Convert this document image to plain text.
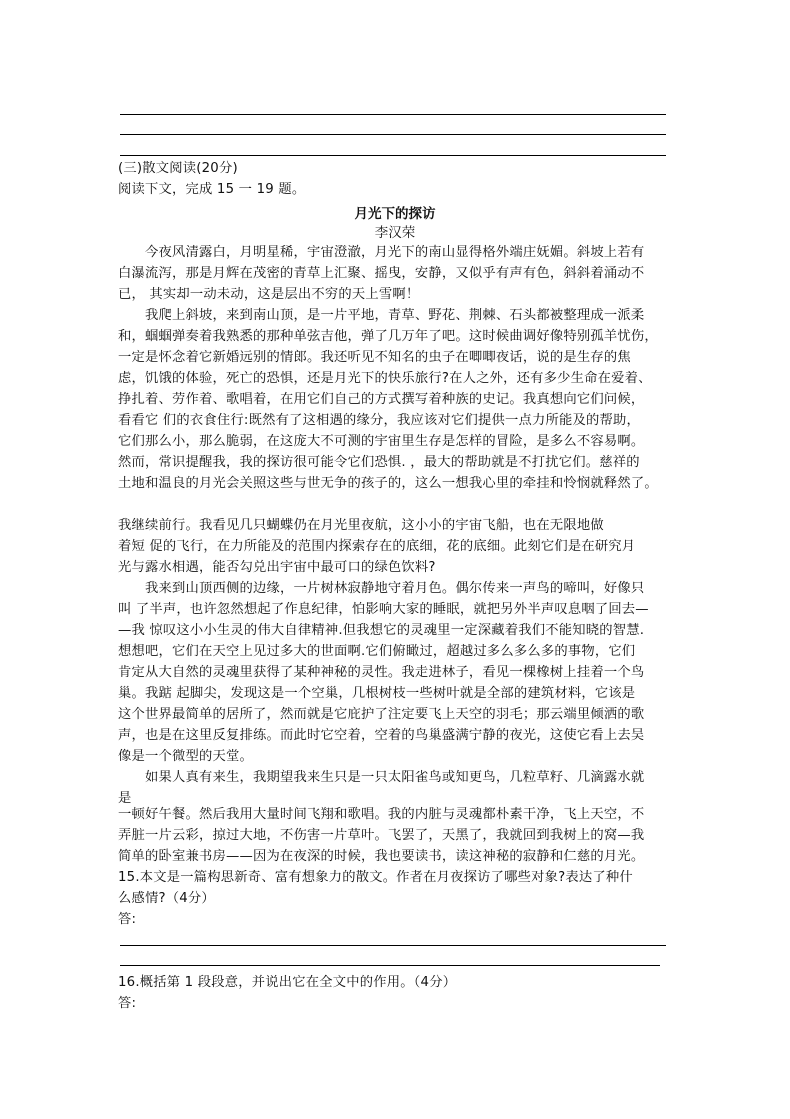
(三)散文阅读(20分)
阅读下文，完成 15 一 19 题。
月光下的探访
李汉荣
　　今夜风清露白，月明星稀，宇宙澄澈，月光下的南山显得格外端庄妩媚。斜坡上若有
白瀑流泻，那是月辉在茂密的青草上汇聚、摇曳，安静，又似乎有声有色，斜斜着涌动不
已， 其实却一动未动，这是层出不穷的天上雪啊！
　　我爬上斜坡，来到南山顶，是一片平地，青草、野花、荆棘、石头都被整理成一派柔
和，蝈蝈弹奏着我熟悉的那种单弦吉他，弹了几万年了吧。这时候曲调好像特别孤羊忧伤，
一定是怀念着它新婚远别的情郎。我还听见不知名的虫子在唧唧夜话，说的是生存的焦
虑，饥饿的体验，死亡的恐惧，还是月光下的快乐旅行?在人之外，还有多少生命在爱着、
挣扎着、劳作着、歌唱着，在用它们自己的方式撰写着种族的史记。我真想向它们问候，
看看它 们的衣食住行:既然有了这相遇的缘分，我应该对它们提供一点力所能及的帮助，
它们那么小，那么脆弱，在这庞大不可测的宇宙里生存是怎样的冒险，是多么不容易啊。
然而，常识提醒我，我的探访很可能令它们恐惧. ，最大的帮助就是不打扰它们。慈祥的
土地和温良的月光会关照这些与世无争的孩子的，这么一想我心里的牵挂和怜悯就释然了。
我继续前行。我看见几只蝴蝶仍在月光里夜航，这小小的宇宙飞船，也在无限地做
着短 促的飞行，在力所能及的范围内探索存在的底细，花的底细。此刻它们是在研究月
光与露水相遇，能否勾兑出宇宙中最可口的绿色饮料?
　　我来到山顶西侧的边缘，一片树林寂静地守着月色。偶尔传来一声鸟的啼叫，好像只
叫 了半声，也许忽然想起了作息纪律，怕影响大家的睡眠，就把另外半声叹息咽了回去—
—我 惊叹这小小生灵的伟大自律精神.但我想它的灵魂里一定深藏着我们不能知晓的智慧.
想想吧，它们在天空上见过多大的世面啊.它们俯瞰过，超越过多么多么多的事物，它们
肯定从大自然的灵魂里获得了某种神秘的灵性。我走进林子，看见一棵橡树上挂着一个鸟
巢。我踮 起脚尖，发现这是一个空巢，几根树枝一些树叶就是全部的建筑材料，它该是
这个世界最简单的居所了，然而就是它庇护了注定要飞上天空的羽毛；那云端里倾洒的歌
声，也是在这里反复排练。而此时它空着，空着的鸟巢盛满宁静的夜光，这使它看上去吴
像是一个微型的天堂。
　　如果人真有来生，我期望我来生只是一只太阳雀鸟或知更鸟，几粒草籽、几滴露水就
是
一顿好午餐。然后我用大量时间飞翔和歌唱。我的内脏与灵魂都朴素干净，飞上天空，不
弄脏一片云彩，掠过大地，不伤害一片草叶。飞罢了，天黑了，我就回到我树上的窝—我
简单的卧室兼书房——因为在夜深的时候，我也要读书，读这神秘的寂静和仁慈的月光。
15.本文是一篇构思新奇、富有想象力的散文。作者在月夜探访了哪些对象?表达了种什
么感情?（4分）
答:
16.概括第 1 段段意，并说出它在全文中的作用。（4分）
答:
